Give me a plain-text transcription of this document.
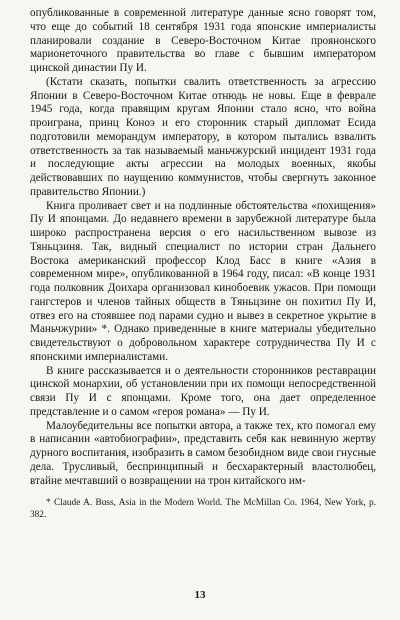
опубликованные в современной литературе данные ясно говорят том, что еще до событий 18 сентября 1931 года японские империалисты планировали создание в Северо-Восточном Китае проянонского марионеточного правительства во главе с бывшим императором цинской династии Пу И.

(Кстати сказать, попытки свалить ответственность за агрессию Японии в Северо-Восточном Китае отнюдь не новы. Еще в феврале 1945 года, когда правящим кругам Японии стало ясно, что война проиграна, принц Коноэ и его сторонник старый дипломат Есида подготовили меморандум императору, в котором пытались взвалить ответственность за так называемый маньчжурский инцидент 1931 года и последующие акты агрессии на молодых военных, якобы действовавших по наущению коммунистов, чтобы свергнуть законное правительство Японии.)

Книга проливает свет и на подлинные обстоятельства «похищения» Пу И японцами. До недавнего времени в зарубежной литературе была широко распространена версия о его насильственном вывозе из Тяньцзиня. Так, видный специалист по истории стран Дальнего Востока американский профессор Клод Басс в книге «Азия в современном мире», опубликованной в 1964 году, писал: «В конце 1931 года полковник Доихара организовал кинобоевик ужасов. При помощи гангстеров и членов тайных обществ в Тяньцзине он похитил Пу И, отвез его на стоявшее под парами судно и вывез в секретное укрытие в Маньчжурии» *. Однако приведенные в книге материалы убедительно свидетельствуют о добровольном характере сотрудничества Пу И с японскими империалистами.

В книге рассказывается и о деятельности сторонников реставрации цинской монархии, об установлении при их помощи непосредственной связи Пу И с японцами. Кроме того, она дает определенное представление и о самом «героя романа» — Пу И.

Малоубедительны все попытки автора, а также тех, кто помогал ему в написании «автобиографии», представить себя как невинную жертву дурного воспитания, изобразить в самом безобидном виде свои гнусные дела. Трусливый, беспринципный и бесхарактерный властолюбец, втайне мечтавший о возвращении на трон китайского им-

* Claude A. Buss, Asia in the Modern World. The McMillan Co. 1964, New York, p. 382.
13
